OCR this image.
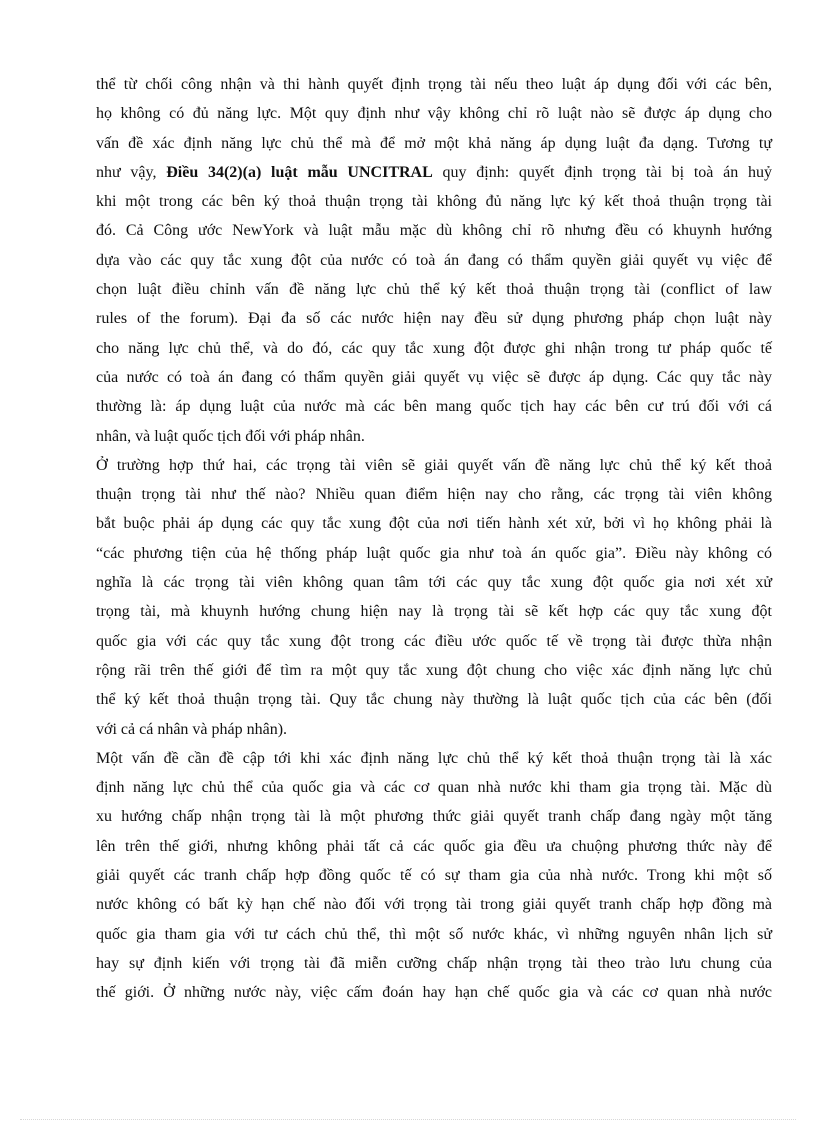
thể từ chối công nhận và thi hành quyết định trọng tài nếu theo luật áp dụng đối với các bên,
họ không có đủ năng lực. Một quy định như vậy không chỉ rõ luật nào sẽ được áp dụng cho
vấn đề xác định năng lực chủ thể mà để mở một khả năng áp dụng luật đa dạng. Tương tự
như vậy, Điều 34(2)(a) luật mẫu UNCITRAL quy định: quyết định trọng tài bị toà án huỷ
khi một trong các bên ký thoả thuận trọng tài không đủ năng lực ký kết thoả thuận trọng tài
đó. Cả Công ước NewYork và luật mẫu mặc dù không chỉ rõ nhưng đều có khuynh hướng
dựa vào các quy tắc xung đột của nước có toà án đang có thẩm quyền giải quyết vụ việc để
chọn luật điều chỉnh vấn đề năng lực chủ thể ký kết thoả thuận trọng tài (conflict of law
rules of the forum). Đại đa số các nước hiện nay đều sử dụng phương pháp chọn luật này
cho năng lực chủ thể, và do đó, các quy tắc xung đột được ghi nhận trong tư pháp quốc tế
của nước có toà án đang có thẩm quyền giải quyết vụ việc sẽ được áp dụng. Các quy tắc này
thường là: áp dụng luật của nước mà các bên mang quốc tịch hay các bên cư trú đối với cá
nhân, và luật quốc tịch đối với pháp nhân.
Ở trường hợp thứ hai, các trọng tài viên sẽ giải quyết vấn đề năng lực chủ thể ký kết thoả
thuận trọng tài như thế nào? Nhiều quan điểm hiện nay cho rằng, các trọng tài viên không
bắt buộc phải áp dụng các quy tắc xung đột của nơi tiến hành xét xử, bởi vì họ không phải là
“các phương tiện của hệ thống pháp luật quốc gia như toà án quốc gia”. Điều này không có
nghĩa là các trọng tài viên không quan tâm tới các quy tắc xung đột quốc gia nơi xét xử
trọng tài, mà khuynh hướng chung hiện nay là trọng tài sẽ kết hợp các quy tắc xung đột
quốc gia với các quy tắc xung đột trong các điều ước quốc tế về trọng tài được thừa nhận
rộng rãi trên thế giới để tìm ra một quy tắc xung đột chung cho việc xác định năng lực chủ
thể ký kết thoả thuận trọng tài. Quy tắc chung này thường là luật quốc tịch của các bên (đối
với cả cá nhân và pháp nhân).
Một vấn đề cần đề cập tới khi xác định năng lực chủ thể ký kết thoả thuận trọng tài là xác
định năng lực chủ thể của quốc gia và các cơ quan nhà nước khi tham gia trọng tài. Mặc dù
xu hướng chấp nhận trọng tài là một phương thức giải quyết tranh chấp đang ngày một tăng
lên trên thế giới, nhưng không phải tất cả các quốc gia đều ưa chuộng phương thức này để
giải quyết các tranh chấp hợp đồng quốc tế có sự tham gia của nhà nước. Trong khi một số
nước không có bất kỳ hạn chế nào đối với trọng tài trong giải quyết tranh chấp hợp đồng mà
quốc gia tham gia với tư cách chủ thể, thì một số nước khác, vì những nguyên nhân lịch sử
hay sự định kiến với trọng tài đã miễn cưỡng chấp nhận trọng tài theo trào lưu chung của
thế giới. Ở những nước này, việc cấm đoán hay hạn chế quốc gia và các cơ quan nhà nước
